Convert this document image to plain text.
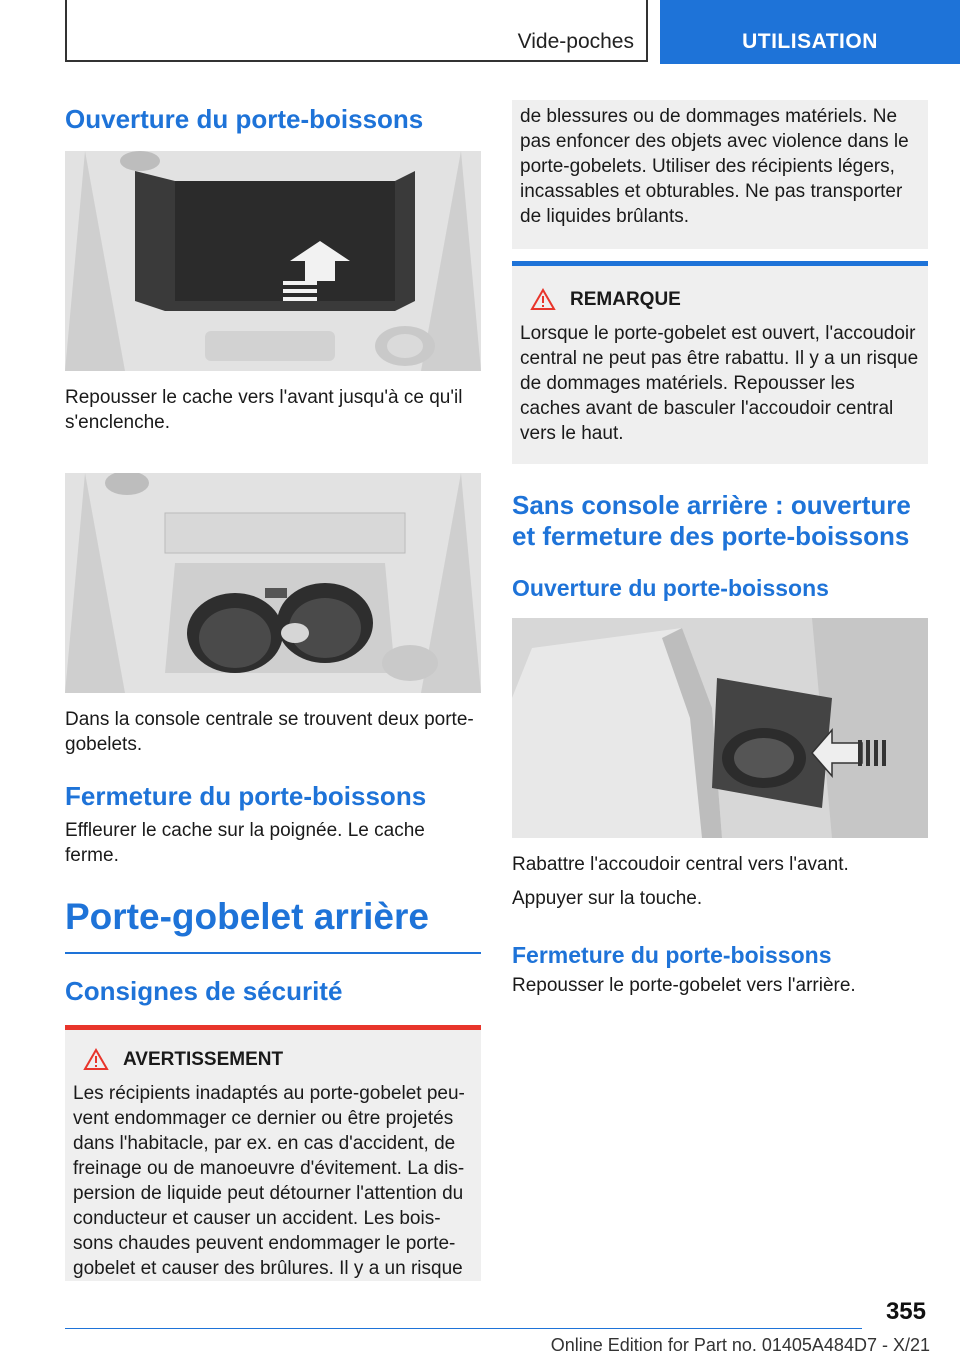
Vide-poches	UTILISATION
Ouverture du porte-boissons

Repousser le cache vers l'avant jusqu'à ce qu'il s'enclenche.

Dans la console centrale se trouvent deux porte-gobelets.

Fermeture du porte-boissons

Effleurer le cache sur la poignée. Le cache ferme.

Porte-gobelet arrière
Consignes de sécurité
AVERTISSEMENT

Les récipients inadaptés au porte-gobelet peu-vent endommager ce dernier ou être projetés dans l'habitacle, par ex. en cas d'accident, de freinage ou de manoeuvre d'évitement. La dis-persion de liquide peut détourner l'attention du conducteur et causer un accident. Les bois-sons chaudes peuvent endommager le porte-gobelet et causer des brûlures. Il y a un risque

de blessures ou de dommages matériels. Ne pas enfoncer des objets avec violence dans le porte-gobelets. Utiliser des récipients légers, incassables et obturables. Ne pas transporter de liquides brûlants.

REMARQUE

Lorsque le porte-gobelet est ouvert, l'accoudoir central ne peut pas être rabattu. Il y a un risque de dommages matériels. Repousser les caches avant de basculer l'accoudoir central vers le haut.

Sans console arrière : ouverture et fermeture des porte-boissons
Ouverture du porte-boissons

Rabattre l'accoudoir central vers l'avant.

Appuyer sur la touche.

Fermeture du porte-boissons

Repousser le porte-gobelet vers l'arrière.

355
Online Edition for Part no. 01405A484D7 - X/21
